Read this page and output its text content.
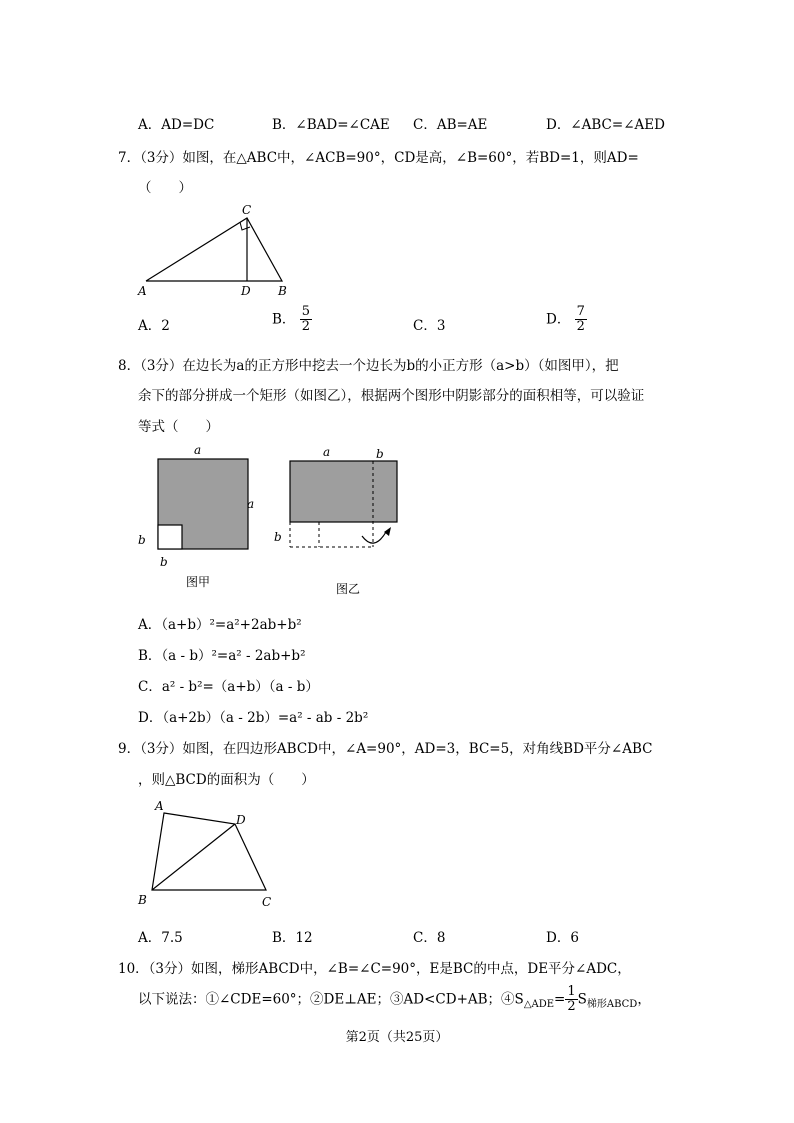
A．AD=DC	B．∠BAD=∠CAE C．AB=AE	D．∠ABC=∠AED
7．（3分）如图，在△ABC中，∠ACB=90°，CD是高，∠B=60°，若BD=1，则AD=
（　　）
C
A	D B
A．2	B． $\frac{5}{2}$	C．3	D． $\frac{7}{2}$
8．（3分）在边长为a的正方形中挖去一个边长为b的小正方形（a>b）（如图甲），把
余下的部分拼成一个矩形（如图乙），根据两个图形中阴影部分的面积相等，可以验证
等式（　　）
a
a
b
b
图甲
a	b
b
图乙
A．（a+b）²=a²+2ab+b²
B．（a - b）²=a² - 2ab+b²
C．a² - b²=（a+b）（a - b）
D．（a+2b）（a - 2b）=a² - ab - 2b²
9．（3分）如图，在四边形ABCD中，∠A=90°，AD=3，BC=5，对角线BD平分∠ABC
，则△BCD的面积为（　　）
A
D
B	C
A．7.5	B．12	C．8	D．6
10．（3分）如图，梯形ABCD中，∠B=∠C=90°，E是BC的中点，DE平分∠ADC，
以下说法：①∠CDE=60°；②DE⊥AE；③AD<CD+AB；$④S_{\triangle ADE}= \frac{1}{2} S_{梯形ABCD}$，
第2页（共25页）
